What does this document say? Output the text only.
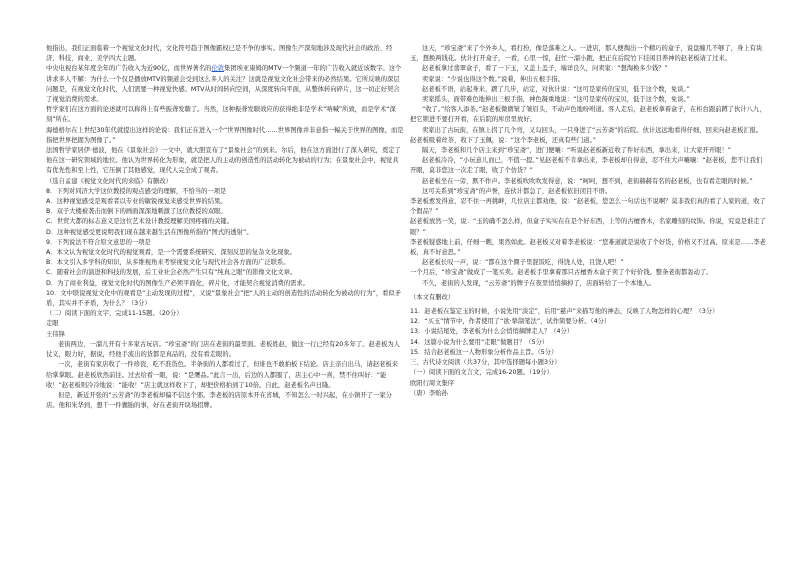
他指出，我们正面临着一个视觉文化时代，文化符号趋于图像霸权已是不争的事实。图像生产深刻地涉及现代社会的政治、经济、科技、商业、美学四大主题。

中央电视台某年度全年的广告收入为近90亿，而世界著名的伦敦集团埃亚康姆的MTV一个频道一年的广告收入就近该数字。这个讲求多人不解：为什么一个仅是播放MTV的频道会受到这么多人的关注？这就是视觉文化社会带来的必然结果。它所反映的深层问题是，在视觉文化时代，人们需要一种视觉快感。MTV从时间转向空间，从深度转向平面，从整体转向碎片，这一切正好契合了视觉消费的需求。

哲学家们在这方面的论述就可以称得上有些振聋发聩了。当然，这种振聋发聩效应的获得绝非是学术“呐喊”所致，而是学术“深刻”所在。

海德格尔在上世纪30年代就提出这样的论说：我们正在进入一个“世界图像时代……世界图像并非意指一幅关于世界的图像，而是指把世界把握为图像了。”

法国哲学家居伊·德波，他在《景象社会》一文中，就大胆宣布了“景象社会”的到来。尔后，他在这方面进行了深入研究，奠定了他在这一研究领域的地位。他认为世界转化为形象，就是把人的主动的创造性的活动转化为被动的行为；在景象社会中，视觉具有优先性和至上性，它压倒了其他感觉，现代人完全成了观者。

（选自孟建《视觉文化时代的来临》有删改）

8．下列对同济大学这位教授的观点感受的理解，不恰当的一项是

A．这种视觉感受是观看者以专业的敏锐视觉来感受世界的结果。

B．双子大楼被袭击而倒下的画面深深地刺激了这位教授的双眼。

C．世贸大都的标志意义是这位艺术设计教授理解美国疼痛的关键。

D．这种视觉感受更说明我们现在越来越生活在图像所指的“图式的透射”。

9．下列说法不符合原文意思的一项是

A．本文认为视觉文化时代的视觉观看，是一个需要系统研究、深刻反思的复杂文化现象。

B．本文引入多学科的知识，从多维视角来考察视觉文化与现代社会各方面的广泛联系。

C．随着社会的演进和科技的发展，后工业社会必然产生只有“纯真之眼”的影像文化文章。

D．为了商业利益，视觉文化时代的图像生产必须平面化，碎片化，才能契合视觉消费的需求。

10．文中联说视觉文化中的观看是“主动发现的过程”，又说“景象社会”把“人的主动的创造性的活动转化为被动的行为”，看似矛盾，其实并不矛盾，为什么？（3分）

（二）阅读下面的文字，完成11-15题。（20分）

走眼

王伟锋

老街两边，一溜儿开有十多家古玩店。“珍宝斋”的门店在老街的最里面。老板姓赵，做这一行已经有20多年了。赵老板为人仗义，眼力好，据说，经他手流出的货都是真品的，没有看走眼的。

一次，老街有家店收了一件珍瓷，吃不准货色。半条街的人都看过了，但谁也不敢拍板下结论。店主亲自出马，请赵老板来给掌掌眼。赵老板欣然前往。过去给看一眼，说：“是赝品。”此言一出，后边的人都服了，店主心中一喜，禁不住叫好：“能收！”赵老板则冷冷地说：“能收！”店主就这样收下了，却把价格拍到了10倍。自此，赵老板名声日隆。

但是，新近开张的“云芳斋”的李老板却偏不信这个邪。李老板的店原本开在省城，不知怎么一时兴起，在小镇开了一家分店。他和朱华到，想千一件囊胎的事，好在老街开块场招牌。

这天，“珍宝斋”来了个外乡人，看打扮，像是落难之人。一进店，那人便掏出一个精巧的盒子，说盘缠几不够了，身上有块玉，想换两钱花。伙计打开盒子，一看，心里一惊，赶忙一溜小跑，把正在后院竹下挂闲目养神的赵老板请了过来。

赵老板拿过翡翠盒子，看了一下玉，又盖上盖子，端详良久，问卖家：“想淘换多少钱？”

卖家说：“少说也得这个数。”说着，伸出五根手指。

赵老板不语，站起身来，踱了几步，站定，对伙计说：“这可是家传的宝贝，低于这个数，免谈。”

卖家摇头，面带难色地伸出三根手指，神色凝重地说：“这可是家传的宝贝，低于这个数，免谈。”

“收了。”给客人添茶。”赵老板微微皱了皱眉头，不动声色地吩咐道。客人走后，赵老板拿着盒子，在柜台跟前蹲了伙计八九，把它锁进不要打开看，在后院的库房里放好。

卖家出了古玩街，在镇上拐了几个弯，又勾回头，一只身进了“云芳斋”的后院。伙计远远地看得仔细，回来向赵老板汇报。赵老板吸着丝茶，收下了玉佩，说：“这个李老板，还真有些门道。”

隔天，李老板和几个店主来到“珍宝斋”，进门便嚷：“听说赵老板新近收了件好东西，拿出来，让大家开开眼！”

赵老板冷冷，“小玩意儿而已，不值一提。”见赵老板不肯拿出来，李老板却自得意，忍不住大声嚷嚷：“赵老板，您不让我们开眼，莫非您这一次走了眼，收了个仿货？”

赵老板坐在一旁，默不作声。李老板吹吹吹发得意，说：“呵呵，想不到，老街赫赫有名的赵老板，也有看走眼的时候。”

这可关系到“珍宝斋”的声誉，连伙计都急了，赵老板依旧闭目不语。

李老板愈发得意，忍不住一再挑衅，几位店主都劝他，说：“赵老板，您怎么一句话也不说啊？莫非我们真的看了人家的道，收了个假品？”

赵老板放然一笑，说：“玉的确不怎么样，但盒子实实在在是个好东西，上等的古檀香木，名家雕刻的纹饰。你说，究竟是谁走了眼？”

李老板疑惑地上前，仔细一瞧，果然如此。赵老板又对着李老板说：“您难道就是说收了个好货，价格又不过高，原来是……李老板，真不好意思。”

赵老板长叹一声，说：“都在这个圈子里混饭吃，得饶人处，且饶人吧！”

一个月后，“珍宝斋”做成了一笔买卖。赵老板手里拿着那只古檀香木盒子卖了个好价钱。整条老街都轰动了。

不久，老街的人发现，“云芳斋”的牌子在夜里悄悄摘掉了，店面转给了一个本地人。

（本文有删改）

11．赵老板在鉴定玉的时候，小说先用“淡定”，后用“慈声”来描写他的神态，反映了人物怎样的心理？（3分）

12．“买玉”情节中，作者使用了“欲·挚制笔法”，试作简要分析。（4分）

13．小说结尾处，李老板为什么会悄悄摘牌走人？（4分）

14．这篇小说为什么要用“走眼”做题目？（5分）

15．结合赵老板这一人物形象分析作品主旨。（5分）

三、古代诗文阅读（共37分，其中选择题每小题3分）

（一）阅读下面的文言文，完成16-20题。（19分）

欧阳行周文集序

（唐）李贻孙
